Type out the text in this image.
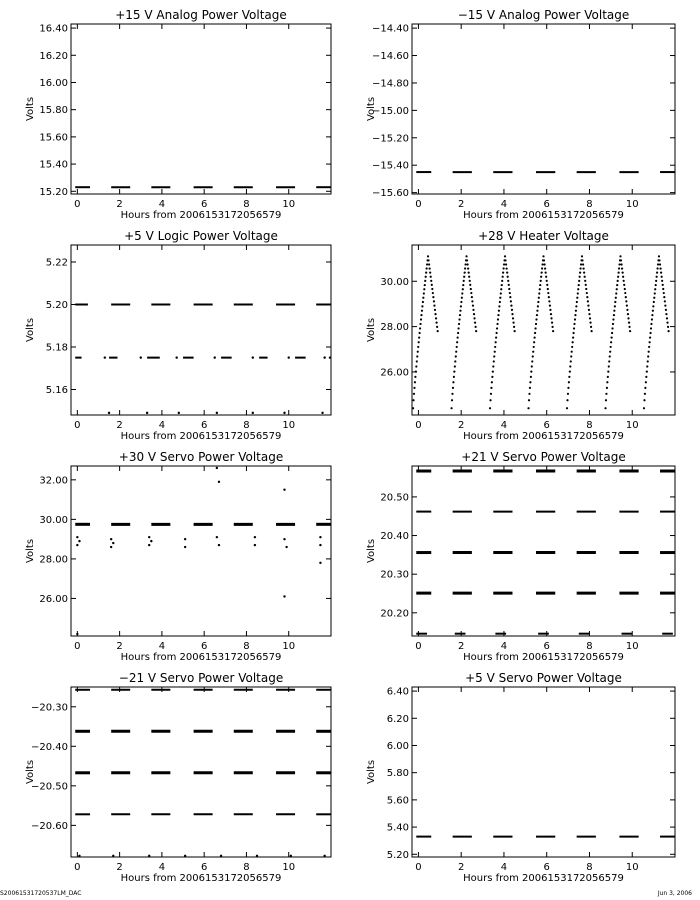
+15 V Analog Power Voltage
0	2	4	6	8	10
15.20
15.40
15.60
15.80
16.00
16.20
16.40
Hours from 2006153172056579
Volts
−15 V Analog Power Voltage
0	2	4	6	8	10
−14.40
−14.60
−14.80
−15.00
−15.20
−15.40
−15.60
Hours from 2006153172056579
Volts
+5 V Logic Power Voltage
0	2	4	6	8	10
5.16
5.18
5.20
5.22
Hours from 2006153172056579
Volts
+28 V Heater Voltage
0	2	4	6	8	10
26.00
28.00
30.00
Hours from 2006153172056579
Volts
+30 V Servo Power Voltage
0	2	4	6	8	10
26.00
28.00
30.00
32.00
Hours from 2006153172056579
Volts
+21 V Servo Power Voltage
0	2	4	6	8	10
20.20
20.30
20.40
20.50
Hours from 2006153172056579
Volts
−21 V Servo Power Voltage
0	2	4	6	8	10
−20.30
−20.40
−20.50
−20.60
Hours from 2006153172056579
Volts
+5 V Servo Power Voltage
0	2	4	6	8	10
5.20
5.40
5.60
5.80
6.00
6.20
6.40
Hours from 2006153172056579
Volts
S20061531720537LM_DAC	Jun 3, 2006
